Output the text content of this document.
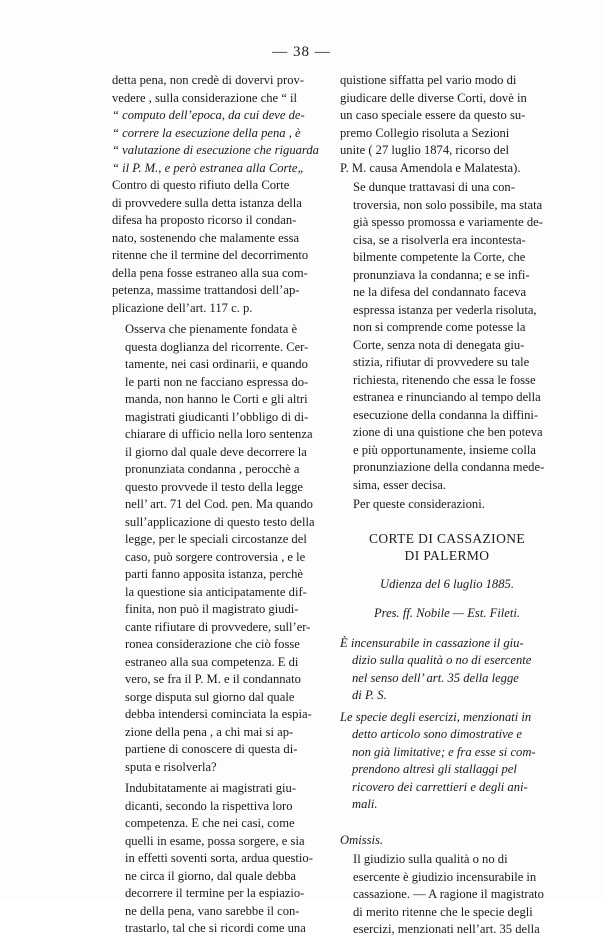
— 38 —

detta pena, non credè di dovervi prov-
vedere , sulla considerazione che “ il
“ computo dell’epoca, da cui deve de-
“ correre la esecuzione della pena , è
“ valutazione di esecuzione che riguarda
“ il P. M., e però estranea alla Corte„
Contro di questo rifiuto della Corte
di provvedere sulla detta istanza della
difesa ha proposto ricorso il condan-
nato, sostenendo che malamente essa
ritenne che il termine del decorrimento
della pena fosse estraneo alla sua com-
petenza, massime trattandosi dell’ap-
plicazione dell’art. 117 c. p.

Osserva che pienamente fondata è
questa doglianza del ricorrente. Cer-
tamente, nei casi ordinarii, e quando
le parti non ne facciano espressa do-
manda, non hanno le Corti e gli altri
magistrati giudicanti l’obbligo di di-
chiarare di ufficio nella loro sentenza
il giorno dal quale deve decorrere la
pronunziata condanna , perocchè a
questo provvede il testo della legge
nell’ art. 71 del Cod. pen. Ma quando
sull’applicazione di questo testo della
legge, per le speciali circostanze del
caso, può sorgere controversia , e le
parti fanno apposita istanza, perchè
la questione sia anticipatamente dif-
finita, non può il magistrato giudi-
cante rifiutare di provvedere, sull’er-
ronea considerazione che ciò fosse
estraneo alla sua competenza. E di
vero, se fra il P. M. e il condannato
sorge disputa sul giorno dal quale
debba intendersi cominciata la espia-
zione della pena , a chi mai si ap-
partiene di conoscere di questa di-
sputa e risolverla?

Indubitatamente ai magistrati giu-
dicanti, secondo la rispettiva loro
competenza. E che nei casi, come
quelli in esame, possa sorgere, e sia
in effetti soventi sorta, ardua questio-
ne circa il giorno, dal quale debba
decorrere il termine per la espiazio-
ne della pena, vano sarebbe il con-
trastarlo, tal che si ricordi come una

quistione siffatta pel vario modo di
giudicare delle diverse Corti, dovè in
un caso speciale essere da questo su-
premo Collegio risoluta a Sezioni
unite ( 27 luglio 1874, ricorso del
P. M. causa Amendola e Malatesta).

Se dunque trattavasi di una con-
troversia, non solo possibile, ma stata
già spesso promossa e variamente de-
cisa, se a risolverla era incontesta-
bilmente competente la Corte, che
pronunziava la condanna; e se infi-
ne la difesa del condannato faceva
espressa istanza per vederla risoluta,
non si comprende come potesse la
Corte, senza nota di denegata giu-
stizia, rifiutar di provvedere su tale
richiesta, ritenendo che essa le fosse
estranea e rinunciando al tempo della
esecuzione della condanna la diffini-
zione di una quistione che ben poteva
e più opportunamente, insieme colla
pronunziazione della condanna mede-
sima, esser decisa.

Per queste considerazioni.

CORTE DI CASSAZIONE
DI PALERMO
Udienza del 6 luglio 1885.
Pres. ff. Nobile — Est. Fileti.
È incensurabile in cassazione il giu-
dizio sulla qualità o no di esercente
nel senso dell’ art. 35 della legge
di P. S.
Le specie degli esercizi, menzionati in
detto articolo sono dimostrative e
non già limitative; e fra esse si com-
prendono altresì gli stallaggi pel
ricovero dei carrettieri e degli ani-
mali.
Omissis.

Il giudizio sulla qualità o no di
esercente è giudizio incensurabile in
cassazione. — A ragione il magistrato
di merito ritenne che le specie degli
esercizi, menzionati nell’art. 35 della
